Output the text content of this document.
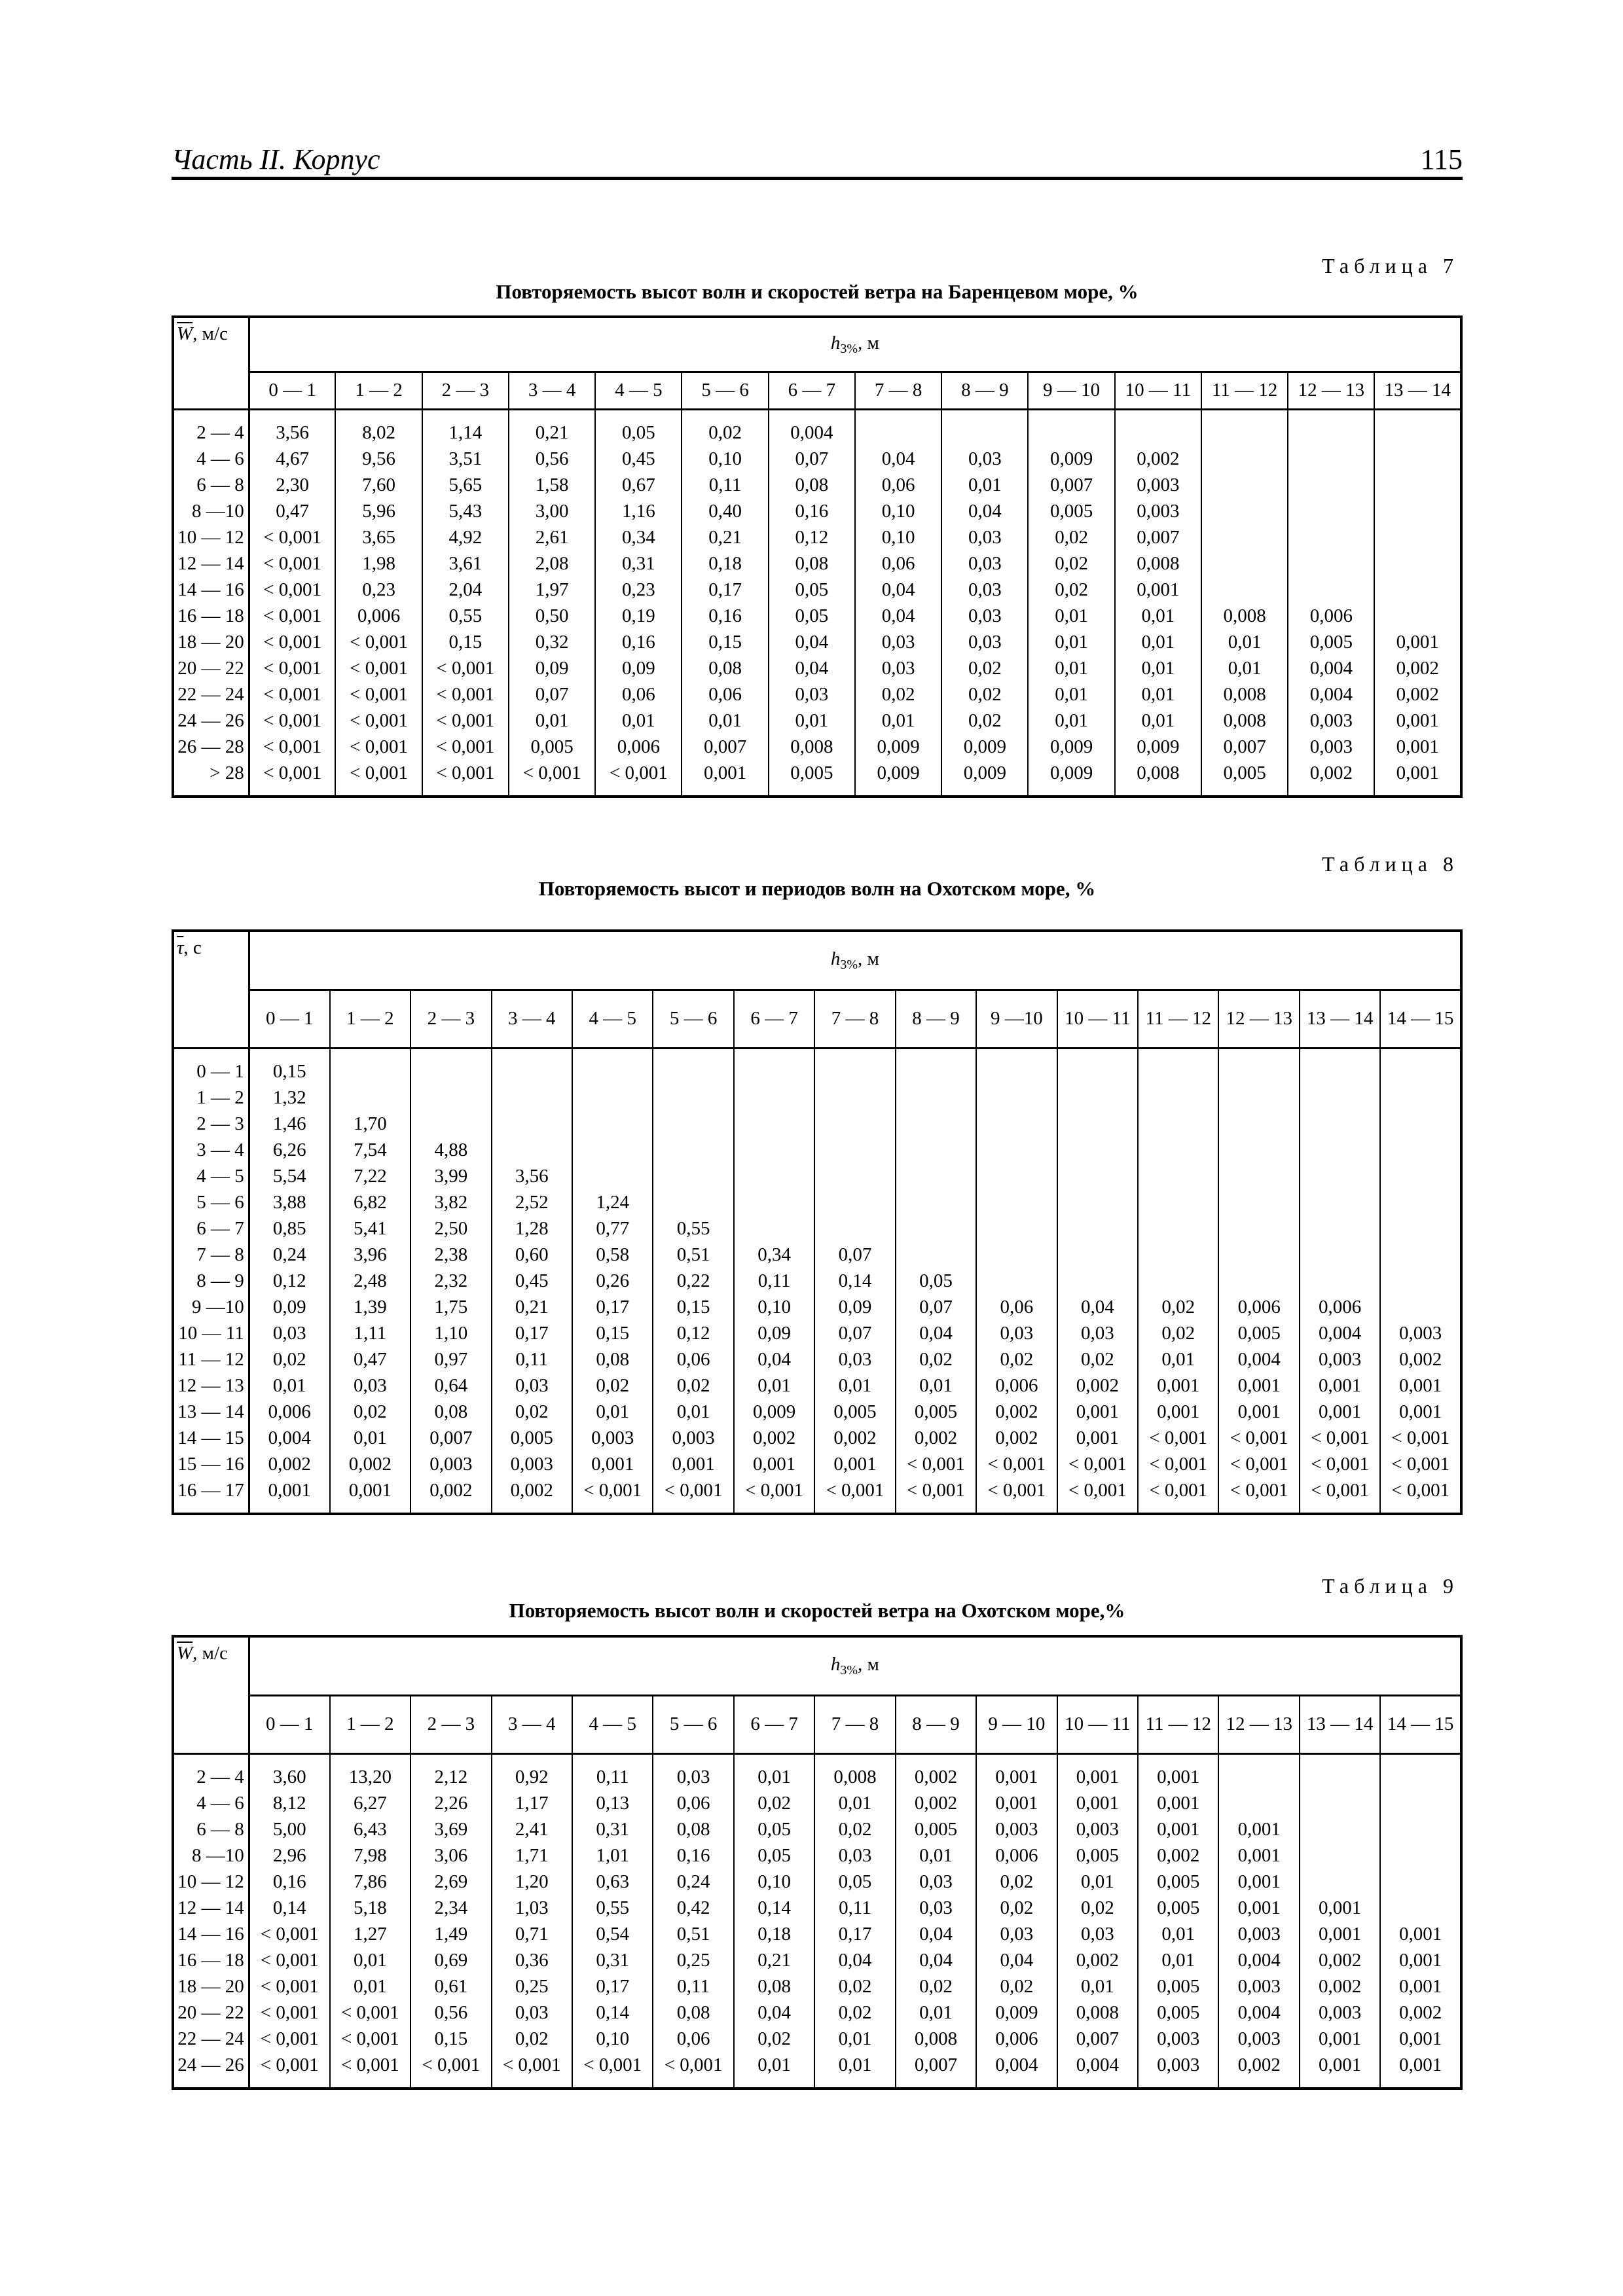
Часть II. Корпус	115
Таблица 7
Повторяемость высот волн и скоростей ветра на Баренцевом море, %
$\overline{W}$, м/с	$h_{3\%}$, м													
	0 — 1	1 — 2	2 — 3	3 — 4	4 — 5	5 — 6	6 — 7	7 — 8	8 — 9	9 — 10	10 — 11	11 — 12	12 — 13	13 — 14
2 — 4	3,56	8,02	1,14	0,21	0,05	0,02	0,004							
4 — 6	4,67	9,56	3,51	0,56	0,45	0,10	0,07	0,04	0,03	0,009	0,002			
6 — 8	2,30	7,60	5,65	1,58	0,67	0,11	0,08	0,06	0,01	0,007	0,003			
8 —10	0,47	5,96	5,43	3,00	1,16	0,40	0,16	0,10	0,04	0,005	0,003			
10 — 12	< 0,001	3,65	4,92	2,61	0,34	0,21	0,12	0,10	0,03	0,02	0,007			
12 — 14	< 0,001	1,98	3,61	2,08	0,31	0,18	0,08	0,06	0,03	0,02	0,008			
14 — 16	< 0,001	0,23	2,04	1,97	0,23	0,17	0,05	0,04	0,03	0,02	0,001			
16 — 18	< 0,001	0,006	0,55	0,50	0,19	0,16	0,05	0,04	0,03	0,01	0,01	0,008	0,006	
18 — 20	< 0,001	< 0,001	0,15	0,32	0,16	0,15	0,04	0,03	0,03	0,01	0,01	0,01	0,005	0,001
20 — 22	< 0,001	< 0,001	< 0,001	0,09	0,09	0,08	0,04	0,03	0,02	0,01	0,01	0,01	0,004	0,002
22 — 24	< 0,001	< 0,001	< 0,001	0,07	0,06	0,06	0,03	0,02	0,02	0,01	0,01	0,008	0,004	0,002
24 — 26	< 0,001	< 0,001	< 0,001	0,01	0,01	0,01	0,01	0,01	0,02	0,01	0,01	0,008	0,003	0,001
26 — 28	< 0,001	< 0,001	< 0,001	0,005	0,006	0,007	0,008	0,009	0,009	0,009	0,009	0,007	0,003	0,001
> 28	< 0,001	< 0,001	< 0,001	< 0,001	< 0,001	0,001	0,005	0,009	0,009	0,009	0,008	0,005	0,002	0,001
Таблица 8
Повторяемость высот и периодов волн на Охотском море, %
$\overline{\tau}$, с	$h_{3\%}$, м														
	0 — 1	1 — 2	2 — 3	3 — 4	4 — 5	5 — 6	6 — 7	7 — 8	8 — 9	9 —10	10 — 11	11 — 12	12 — 13	13 — 14	14 — 15
0 — 1	0,15														
1 — 2	1,32														
2 — 3	1,46	1,70													
3 — 4	6,26	7,54	4,88												
4 — 5	5,54	7,22	3,99	3,56											
5 — 6	3,88	6,82	3,82	2,52	1,24										
6 — 7	0,85	5,41	2,50	1,28	0,77	0,55									
7 — 8	0,24	3,96	2,38	0,60	0,58	0,51	0,34	0,07							
8 — 9	0,12	2,48	2,32	0,45	0,26	0,22	0,11	0,14	0,05						
9 —10	0,09	1,39	1,75	0,21	0,17	0,15	0,10	0,09	0,07	0,06	0,04	0,02	0,006	0,006	
10 — 11	0,03	1,11	1,10	0,17	0,15	0,12	0,09	0,07	0,04	0,03	0,03	0,02	0,005	0,004	0,003
11 — 12	0,02	0,47	0,97	0,11	0,08	0,06	0,04	0,03	0,02	0,02	0,02	0,01	0,004	0,003	0,002
12 — 13	0,01	0,03	0,64	0,03	0,02	0,02	0,01	0,01	0,01	0,006	0,002	0,001	0,001	0,001	0,001
13 — 14	0,006	0,02	0,08	0,02	0,01	0,01	0,009	0,005	0,005	0,002	0,001	0,001	0,001	0,001	0,001
14 — 15	0,004	0,01	0,007	0,005	0,003	0,003	0,002	0,002	0,002	0,002	0,001	< 0,001	< 0,001	< 0,001	< 0,001
15 — 16	0,002	0,002	0,003	0,003	0,001	0,001	0,001	0,001	< 0,001	< 0,001	< 0,001	< 0,001	< 0,001	< 0,001	< 0,001
16 — 17	0,001	0,001	0,002	0,002	< 0,001	< 0,001	< 0,001	< 0,001	< 0,001	< 0,001	< 0,001	< 0,001	< 0,001	< 0,001	< 0,001
Таблица 9
Повторяемость высот волн и скоростей ветра на Охотском море,%
$\overline{W}$, м/с	$h_{3\%}$, м														
	0 — 1	1 — 2	2 — 3	3 — 4	4 — 5	5 — 6	6 — 7	7 — 8	8 — 9	9 — 10	10 — 11	11 — 12	12 — 13	13 — 14	14 — 15
2 — 4	3,60	13,20	2,12	0,92	0,11	0,03	0,01	0,008	0,002	0,001	0,001	0,001			
4 — 6	8,12	6,27	2,26	1,17	0,13	0,06	0,02	0,01	0,002	0,001	0,001	0,001			
6 — 8	5,00	6,43	3,69	2,41	0,31	0,08	0,05	0,02	0,005	0,003	0,003	0,001	0,001		
8 —10	2,96	7,98	3,06	1,71	1,01	0,16	0,05	0,03	0,01	0,006	0,005	0,002	0,001		
10 — 12	0,16	7,86	2,69	1,20	0,63	0,24	0,10	0,05	0,03	0,02	0,01	0,005	0,001		
12 — 14	0,14	5,18	2,34	1,03	0,55	0,42	0,14	0,11	0,03	0,02	0,02	0,005	0,001	0,001	
14 — 16	< 0,001	1,27	1,49	0,71	0,54	0,51	0,18	0,17	0,04	0,03	0,03	0,01	0,003	0,001	0,001
16 — 18	< 0,001	0,01	0,69	0,36	0,31	0,25	0,21	0,04	0,04	0,04	0,002	0,01	0,004	0,002	0,001
18 — 20	< 0,001	0,01	0,61	0,25	0,17	0,11	0,08	0,02	0,02	0,02	0,01	0,005	0,003	0,002	0,001
20 — 22	< 0,001	< 0,001	0,56	0,03	0,14	0,08	0,04	0,02	0,01	0,009	0,008	0,005	0,004	0,003	0,002
22 — 24	< 0,001	< 0,001	0,15	0,02	0,10	0,06	0,02	0,01	0,008	0,006	0,007	0,003	0,003	0,001	0,001
24 — 26	< 0,001	< 0,001	< 0,001	< 0,001	< 0,001	< 0,001	0,01	0,01	0,007	0,004	0,004	0,003	0,002	0,001	0,001
